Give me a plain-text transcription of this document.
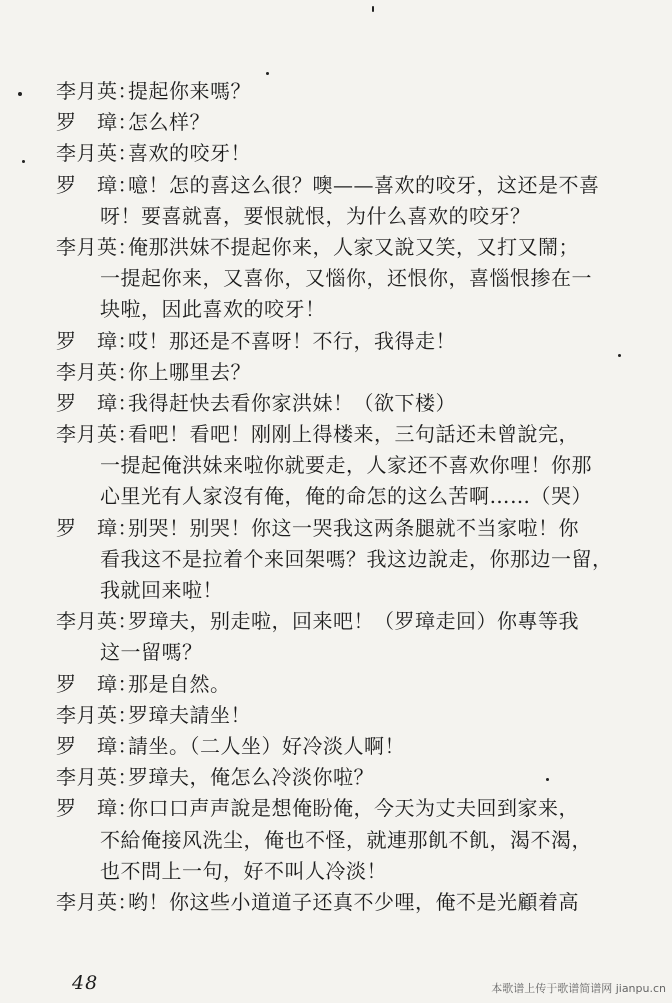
李月英：提起你来嗎？
罗　璋：怎么样？
李月英：喜欢的咬牙！
罗　璋：噫！怎的喜这么很？噢——喜欢的咬牙，这还是不喜
呀！要喜就喜，要恨就恨，为什么喜欢的咬牙？
李月英：俺那洪妹不提起你来，人家又說又笑，又打又鬧；
一提起你来，又喜你，又惱你，还恨你，喜惱恨掺在一
块啦，因此喜欢的咬牙！
罗　璋：哎！那还是不喜呀！不行，我得走！
李月英：你上哪里去？
罗　璋：我得赶快去看你家洪妹！（欲下楼）
李月英：看吧！看吧！刚刚上得楼来，三句話还未曾說完，
一提起俺洪妹来啦你就要走，人家还不喜欢你哩！你那
心里光有人家沒有俺，俺的命怎的这么苦啊……（哭）
罗　璋：别哭！别哭！你这一哭我这两条腿就不当家啦！你
看我这不是拉着个来回架嗎？我这边說走，你那边一留，
我就回来啦！
李月英：罗璋夫，别走啦，回来吧！（罗璋走回）你專等我
这一留嗎？
罗　璋：那是自然。
李月英：罗璋夫請坐！
罗　璋：請坐。（二人坐）好冷淡人啊！
李月英：罗璋夫，俺怎么冷淡你啦？
罗　璋：你口口声声說是想俺盼俺，今天为丈夫回到家来，
不給俺接风洗尘，俺也不怪，就連那飢不飢，渴不渴，
也不問上一句，好不叫人冷淡！
李月英：哟！你这些小道道子还真不少哩，俺不是光顧着高
48	本歌谱上传于歌谱简谱网 jianpu.cn
